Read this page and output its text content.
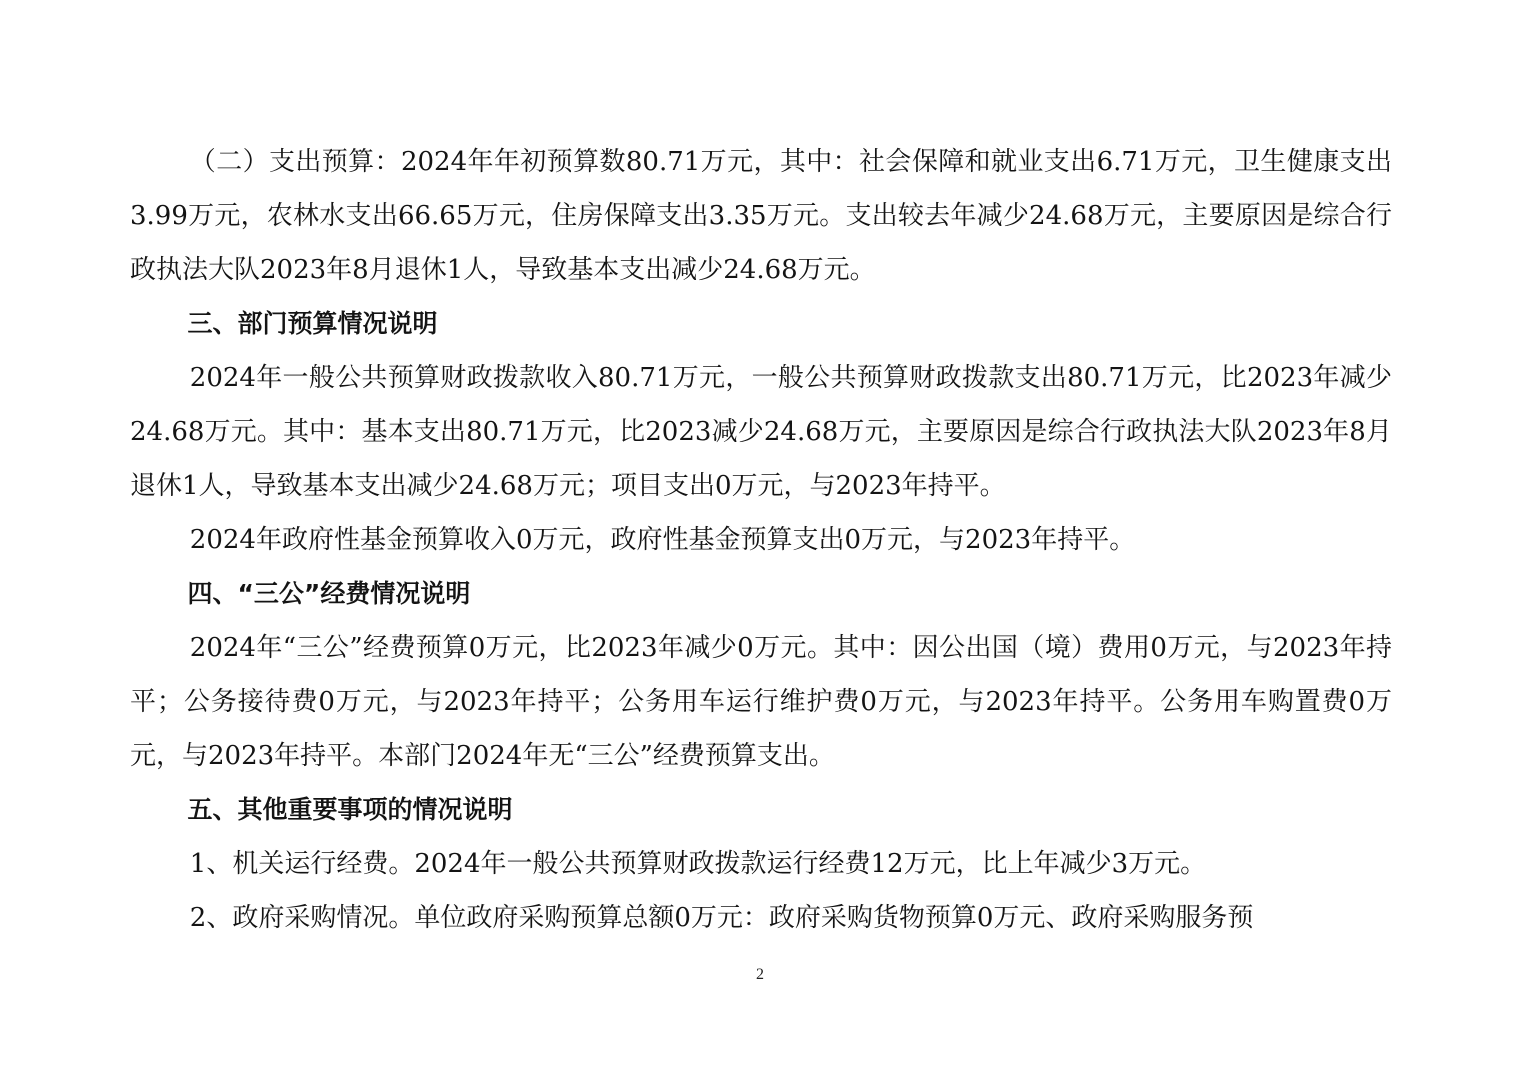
（二）支出预算：2024年年初预算数80.71万元，其中：社会保障和就业支出6.71万元，卫生健康支出3.99万元，农林水支出66.65万元，住房保障支出3.35万元。支出较去年减少24.68万元，主要原因是综合行政执法大队2023年8月退休1人，导致基本支出减少24.68万元。

三、部门预算情况说明

2024年一般公共预算财政拨款收入80.71万元，一般公共预算财政拨款支出80.71万元，比2023年减少24.68万元。其中：基本支出80.71万元，比2023减少24.68万元，主要原因是综合行政执法大队2023年8月退休1人，导致基本支出减少24.68万元；项目支出0万元，与2023年持平。

2024年政府性基金预算收入0万元，政府性基金预算支出0万元，与2023年持平。

四、“三公”经费情况说明

2024年“三公”经费预算0万元，比2023年减少0万元。其中：因公出国（境）费用0万元，与2023年持平；公务接待费0万元，与2023年持平；公务用车运行维护费0万元，与2023年持平。公务用车购置费0万元，与2023年持平。本部门2024年无“三公”经费预算支出。

五、其他重要事项的情况说明

1、机关运行经费。2024年一般公共预算财政拨款运行经费12万元，比上年减少3万元。

2、政府采购情况。单位政府采购预算总额0万元：政府采购货物预算0万元、政府采购服务预

2
